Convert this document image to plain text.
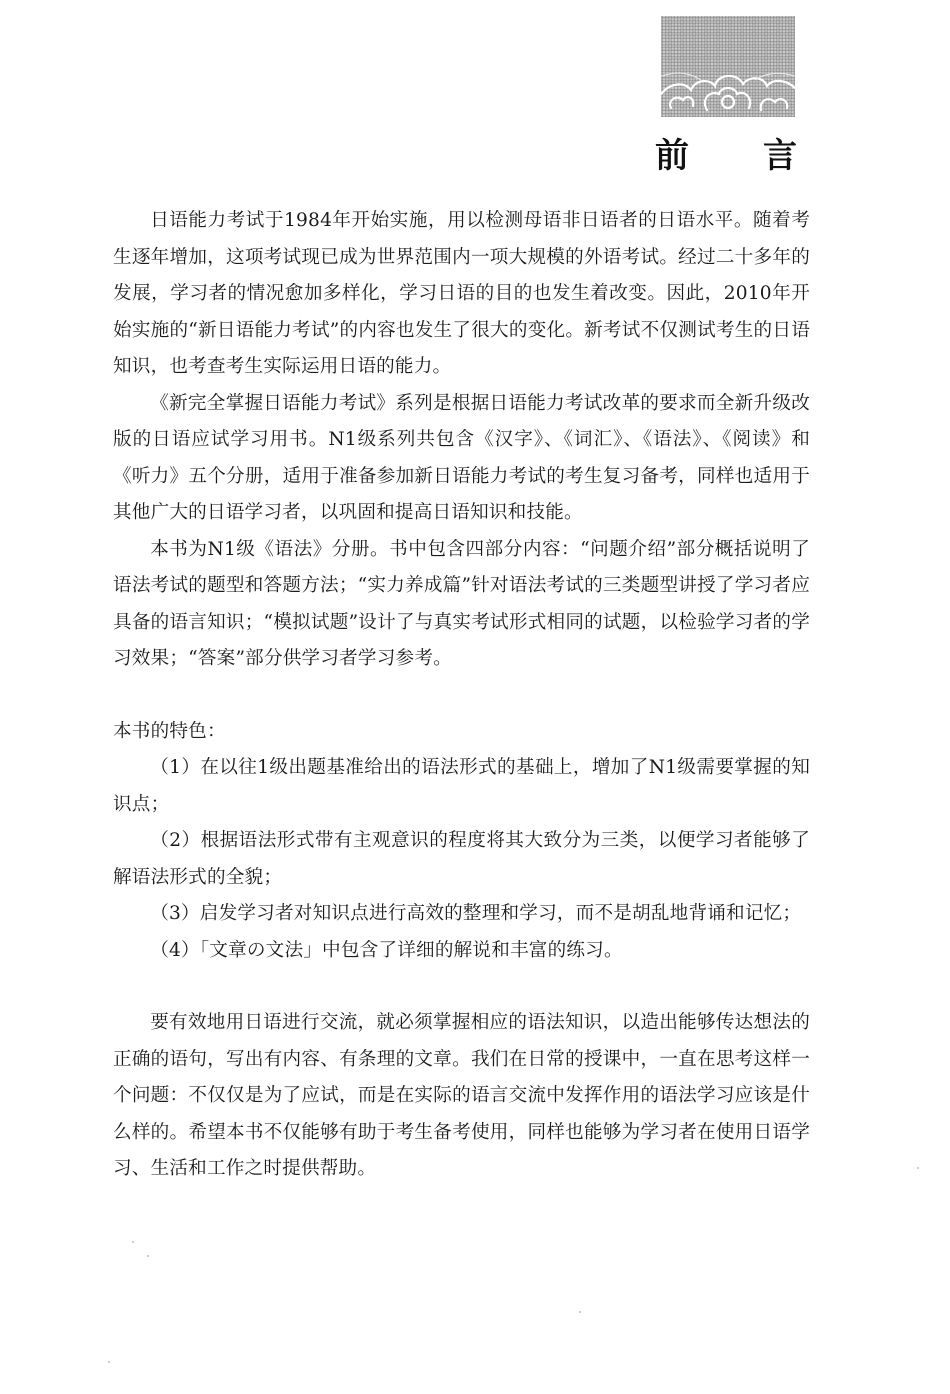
前 言

日语能力考试于1984年开始实施，用以检测母语非日语者的日语水平。随着考生逐年增加，这项考试现已成为世界范围内一项大规模的外语考试。经过二十多年的发展，学习者的情况愈加多样化，学习日语的目的也发生着改变。因此，2010年开始实施的“新日语能力考试”的内容也发生了很大的变化。新考试不仅测试考生的日语知识，也考查考生实际运用日语的能力。

《新完全掌握日语能力考试》系列是根据日语能力考试改革的要求而全新升级改版的日语应试学习用书。N1级系列共包含《汉字》、《词汇》、《语法》、《阅读》和《听力》五个分册，适用于准备参加新日语能力考试的考生复习备考，同样也适用于其他广大的日语学习者，以巩固和提高日语知识和技能。

本书为N1级《语法》分册。书中包含四部分内容：“问题介绍”部分概括说明了语法考试的题型和答题方法；“实力养成篇”针对语法考试的三类题型讲授了学习者应具备的语言知识；“模拟试题”设计了与真实考试形式相同的试题，以检验学习者的学习效果；“答案”部分供学习者学习参考。

本书的特色：

（1）在以往1级出题基准给出的语法形式的基础上，增加了N1级需要掌握的知识点；

（2）根据语法形式带有主观意识的程度将其大致分为三类，以便学习者能够了解语法形式的全貌；

（3）启发学习者对知识点进行高效的整理和学习，而不是胡乱地背诵和记忆；

（4）「文章の文法」中包含了详细的解说和丰富的练习。

要有效地用日语进行交流，就必须掌握相应的语法知识，以造出能够传达想法的正确的语句，写出有内容、有条理的文章。我们在日常的授课中，一直在思考这样一个问题：不仅仅是为了应试，而是在实际的语言交流中发挥作用的语法学习应该是什么样的。希望本书不仅能够有助于考生备考使用，同样也能够为学习者在使用日语学习、生活和工作之时提供帮助。
